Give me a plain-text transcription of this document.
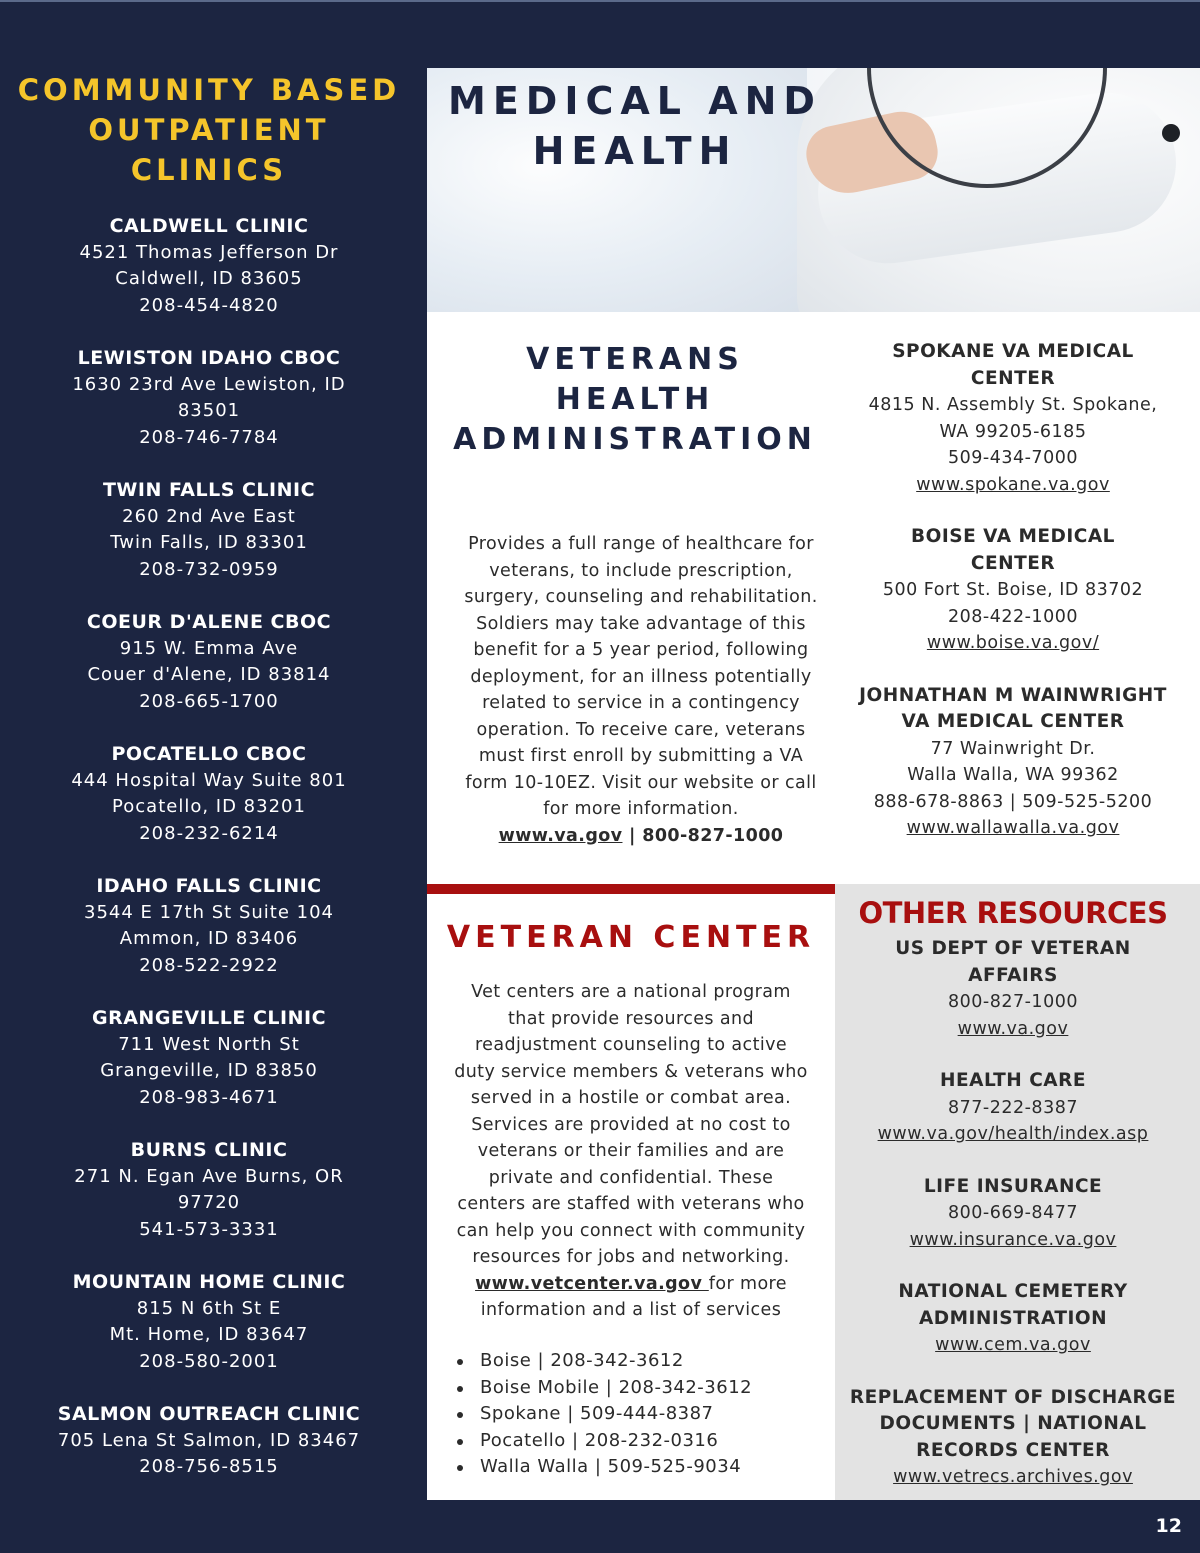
COMMUNITY BASED
OUTPATIENT
CLINICS
CALDWELL CLINIC
4521 Thomas Jefferson Dr
Caldwell, ID 83605
208-454-4820
LEWISTON IDAHO CBOC
1630 23rd Ave Lewiston, ID
83501
208-746-7784
TWIN FALLS CLINIC
260 2nd Ave East
Twin Falls, ID 83301
208-732-0959
COEUR D'ALENE CBOC
915 W. Emma Ave
Couer d'Alene, ID 83814
208-665-1700
POCATELLO CBOC
444 Hospital Way Suite 801
Pocatello, ID 83201
208-232-6214
IDAHO FALLS CLINIC
3544 E 17th St Suite 104
Ammon, ID 83406
208-522-2922
GRANGEVILLE CLINIC
711 West North St
Grangeville, ID 83850
208-983-4671
BURNS CLINIC
271 N. Egan Ave Burns, OR
97720
541-573-3331
MOUNTAIN HOME CLINIC
815 N 6th St E
Mt. Home, ID 83647
208-580-2001
SALMON OUTREACH CLINIC
705 Lena St Salmon, ID 83467
208-756-8515
MEDICAL AND
HEALTH
VETERANS
HEALTH
ADMINISTRATION
Provides a full range of healthcare for
veterans, to include prescription,
surgery, counseling and rehabilitation.
Soldiers may take advantage of this
benefit for a 5 year period, following
deployment, for an illness potentially
related to service in a contingency
operation. To receive care, veterans
must first enroll by submitting a VA
form 10-10EZ. Visit our website or call
for more information.
www.va.gov | 800-827-1000
SPOKANE VA MEDICAL
CENTER
4815 N. Assembly St. Spokane,
WA 99205-6185
509-434-7000
www.spokane.va.gov
BOISE VA MEDICAL
CENTER
500 Fort St. Boise, ID 83702
208-422-1000
www.boise.va.gov/
JOHNATHAN M WAINWRIGHT
VA MEDICAL CENTER
77 Wainwright Dr.
Walla Walla, WA 99362
888-678-8863 | 509-525-5200
www.wallawalla.va.gov
VETERAN CENTER
Vet centers are a national program
that provide resources and
readjustment counseling to active
duty service members & veterans who
served in a hostile or combat area.
Services are provided at no cost to
veterans or their families and are
private and confidential. These
centers are staffed with veterans who
can help you connect with community
resources for jobs and networking.
www.vetcenter.va.gov for more
information and a list of services
Boise | 208-342-3612
Boise Mobile | 208-342-3612
Spokane | 509-444-8387
Pocatello | 208-232-0316
Walla Walla | 509-525-9034
OTHER RESOURCES
US DEPT OF VETERAN
AFFAIRS
800-827-1000
www.va.gov
HEALTH CARE
877-222-8387
www.va.gov/health/index.asp
LIFE INSURANCE
800-669-8477
www.insurance.va.gov
NATIONAL CEMETERY
ADMINISTRATION
www.cem.va.gov
REPLACEMENT OF DISCHARGE
DOCUMENTS | NATIONAL
RECORDS CENTER
www.vetrecs.archives.gov
12
